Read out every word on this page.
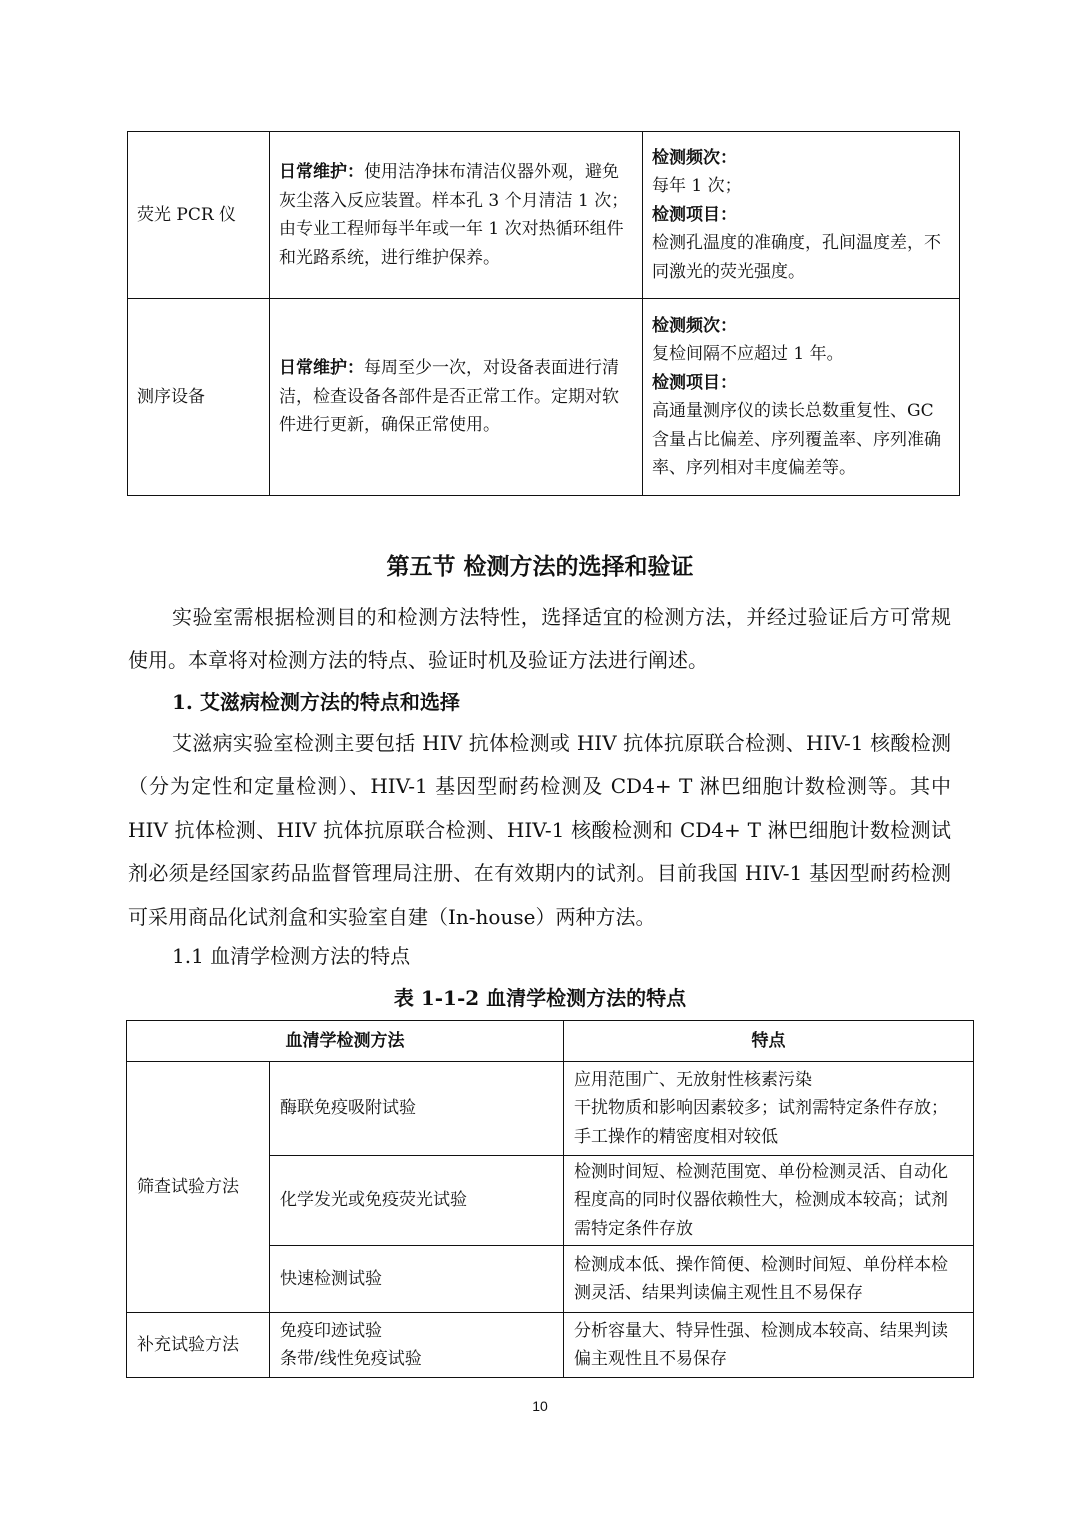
荧光 PCR 仪	日常维护：使用洁净抹布清洁仪器外观，避免灰尘落入反应装置。样本孔 3 个月清洁 1 次；由专业工程师每半年或一年 1 次对热循环组件和光路系统，进行维护保养。	检测频次：
每年 1 次；
检测项目：
检测孔温度的准确度，孔间温度差，不同激光的荧光强度。

测序设备	日常维护：每周至少一次，对设备表面进行清洁，检查设备各部件是否正常工作。定期对软件进行更新，确保正常使用。	检测频次：
复检间隔不应超过 1 年。
检测项目：
高通量测序仪的读长总数重复性、GC 含量占比偏差、序列覆盖率、序列准确率、序列相对丰度偏差等。
第五节 检测方法的选择和验证

实验室需根据检测目的和检测方法特性，选择适宜的检测方法，并经过验证后方可常规使用。本章将对检测方法的特点、验证时机及验证方法进行阐述。

1. 艾滋病检测方法的特点和选择

艾滋病实验室检测主要包括 HIV 抗体检测或 HIV 抗体抗原联合检测、HIV-1 核酸检测（分为定性和定量检测）、HIV-1 基因型耐药检测及 CD4+ T 淋巴细胞计数检测等。其中 HIV 抗体检测、HIV 抗体抗原联合检测、HIV-1 核酸检测和 CD4+ T 淋巴细胞计数检测试剂必须是经国家药品监督管理局注册、在有效期内的试剂。目前我国 HIV-1 基因型耐药检测可采用商品化试剂盒和实验室自建（In-house）两种方法。

1.1 血清学检测方法的特点

表 1-1-2 血清学检测方法的特点

血清学检测方法		特点
筛查试验方法	酶联免疫吸附试验	应用范围广、无放射性核素污染
干扰物质和影响因素较多；试剂需特定条件存放；手工操作的精密度相对较低
	化学发光或免疫荧光试验	检测时间短、检测范围宽、单份检测灵活、自动化程度高的同时仪器依赖性大，检测成本较高；试剂需特定条件存放
	快速检测试验	检测成本低、操作简便、检测时间短、单份样本检测灵活、结果判读偏主观性且不易保存
补充试验方法	免疫印迹试验
条带/线性免疫试验	分析容量大、特异性强、检测成本较高、结果判读偏主观性且不易保存
10
